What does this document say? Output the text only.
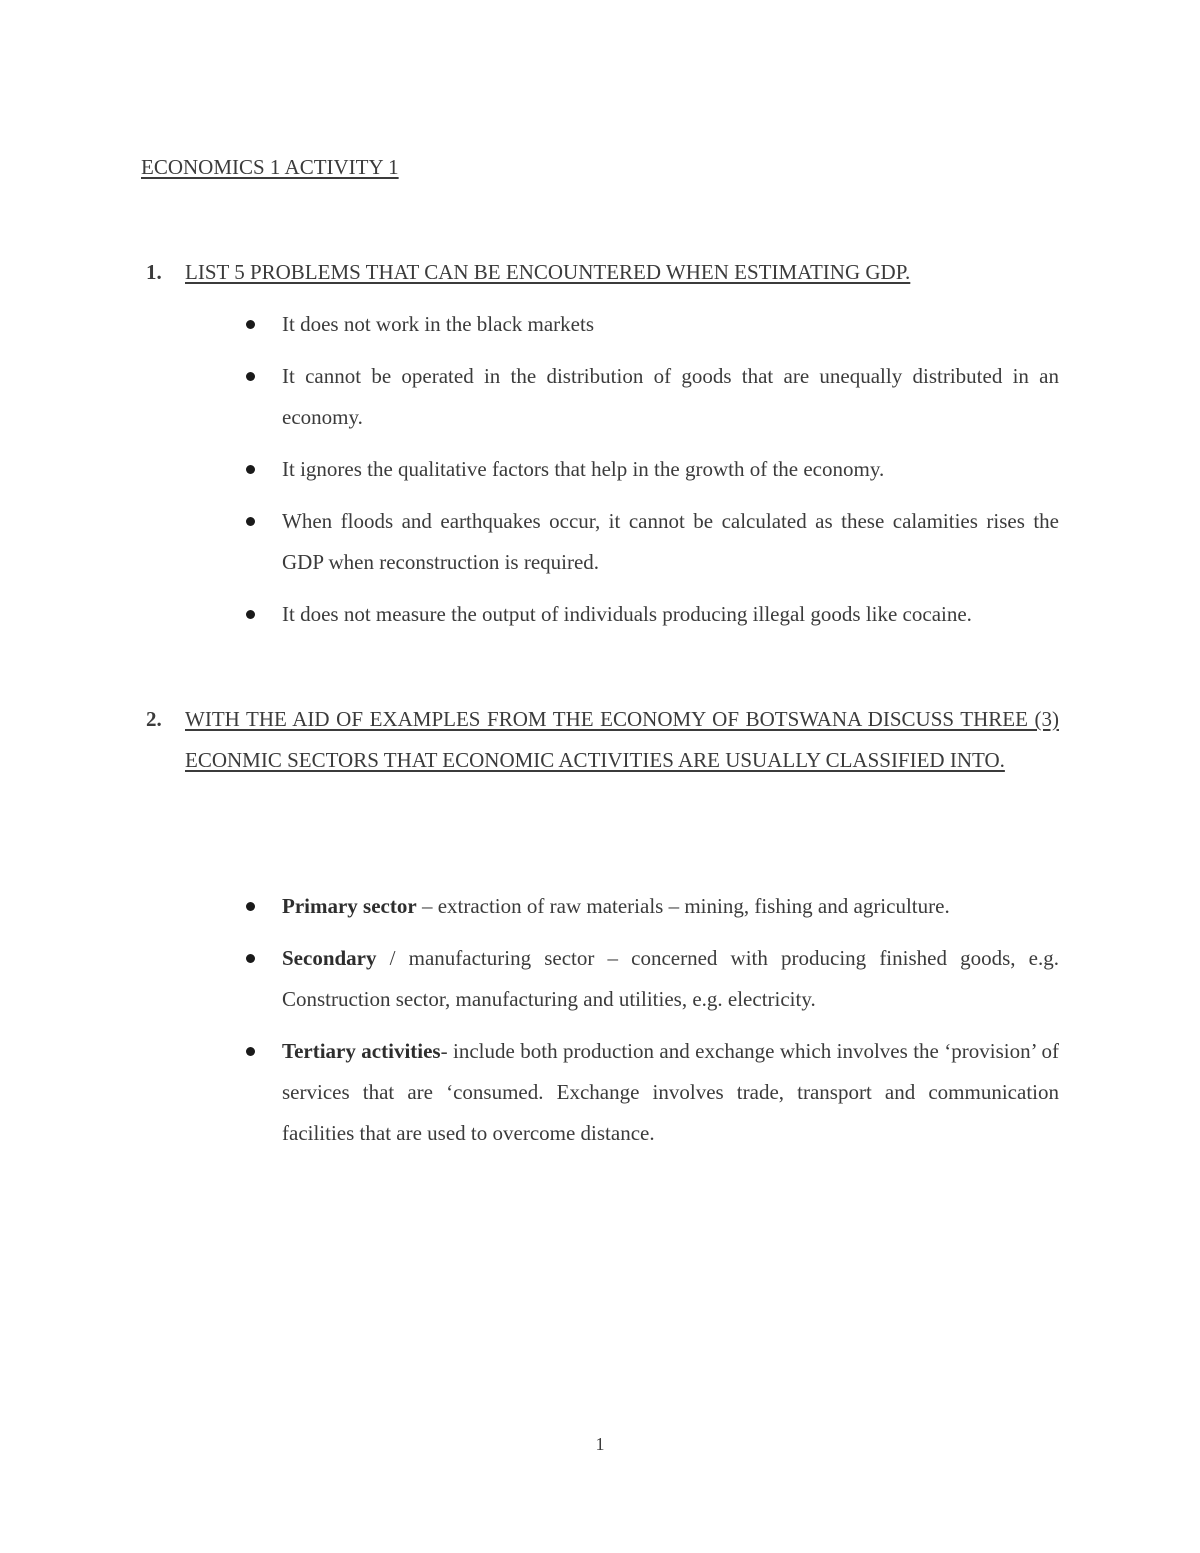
ECONOMICS 1 ACTIVITY 1
1. LIST 5 PROBLEMS THAT CAN BE ENCOUNTERED WHEN ESTIMATING GDP.
It does not work in the black markets
It cannot be operated in the distribution of goods that are unequally distributed in an economy.
It ignores the qualitative factors that help in the growth of the economy.
When floods and earthquakes occur, it cannot be calculated as these calamities rises the GDP when reconstruction is required.
It does not measure the output of individuals producing illegal goods like cocaine.
2. WITH THE AID OF EXAMPLES FROM THE ECONOMY OF BOTSWANA DISCUSS THREE (3) ECONMIC SECTORS THAT ECONOMIC ACTIVITIES ARE USUALLY CLASSIFIED INTO.
Primary sector – extraction of raw materials – mining, fishing and agriculture.
Secondary / manufacturing sector – concerned with producing finished goods, e.g. Construction sector, manufacturing and utilities, e.g. electricity.
Tertiary activities- include both production and exchange which involves the ‘provision’ of services that are ‘consumed. Exchange involves trade, transport and communication facilities that are used to overcome distance.
1
